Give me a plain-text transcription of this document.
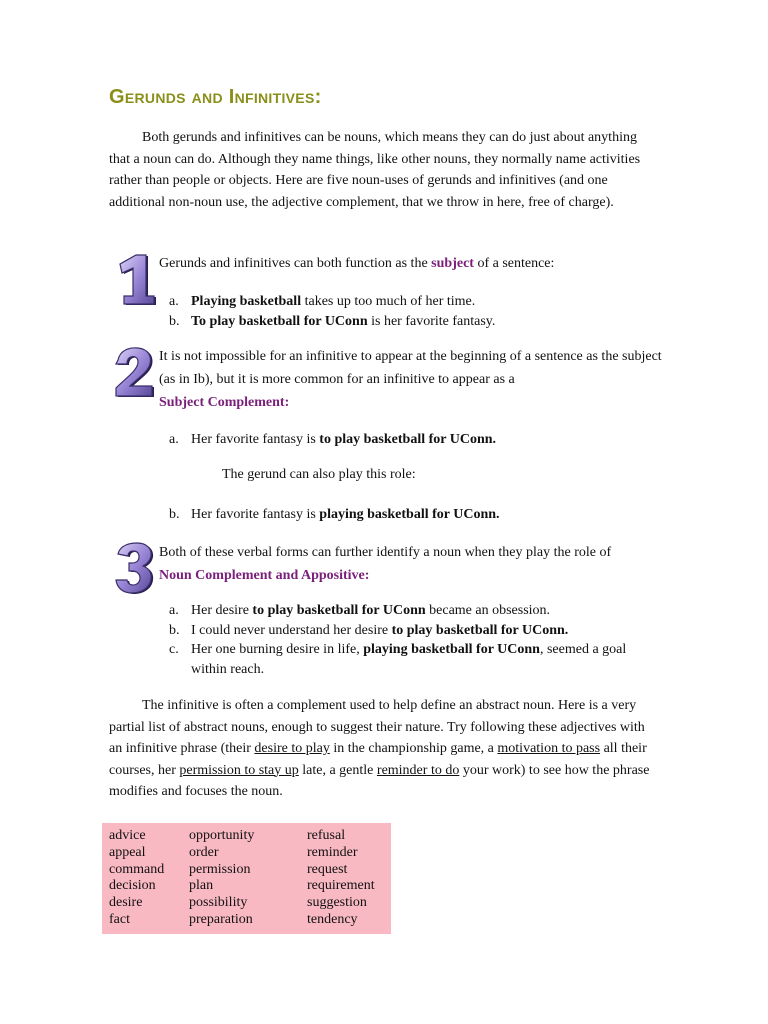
Gerunds and Infinitives:

Both gerunds and infinitives can be nouns, which means they can do just about anything that a noun can do. Although they name things, like other nouns, they normally name activities rather than people or objects. Here are five noun-uses of gerunds and infinitives (and one additional non-noun use, the adjective complement, that we throw in here, free of charge).

Gerunds and infinitives can both function as the subject of a sentence:

a. Playing basketball takes up too much of her time.
b. To play basketball for UConn is her favorite fantasy.

It is not impossible for an infinitive to appear at the beginning of a sentence as the subject (as in Ib), but it is more common for an infinitive to appear as a

Subject Complement:

a. Her favorite fantasy is to play basketball for UConn.

The gerund can also play this role:

b. Her favorite fantasy is playing basketball for UConn.

Both of these verbal forms can further identify a noun when they play the role of

Noun Complement and Appositive:

a. Her desire to play basketball for UConn became an obsession.
b. I could never understand her desire to play basketball for UConn.
c. Her one burning desire in life, playing basketball for UConn, seemed a goal within reach.

The infinitive is often a complement used to help define an abstract noun. Here is a very partial list of abstract nouns, enough to suggest their nature. Try following these adjectives with an infinitive phrase (their desire to play in the championship game, a motivation to pass all their courses, her permission to stay up late, a gentle reminder to do your work) to see how the phrase modifies and focuses the noun.

advice
appeal
command
decision
desire
fact
opportunity
order
permission
plan
possibility
preparation
refusal
reminder
request
requirement
suggestion
tendency
